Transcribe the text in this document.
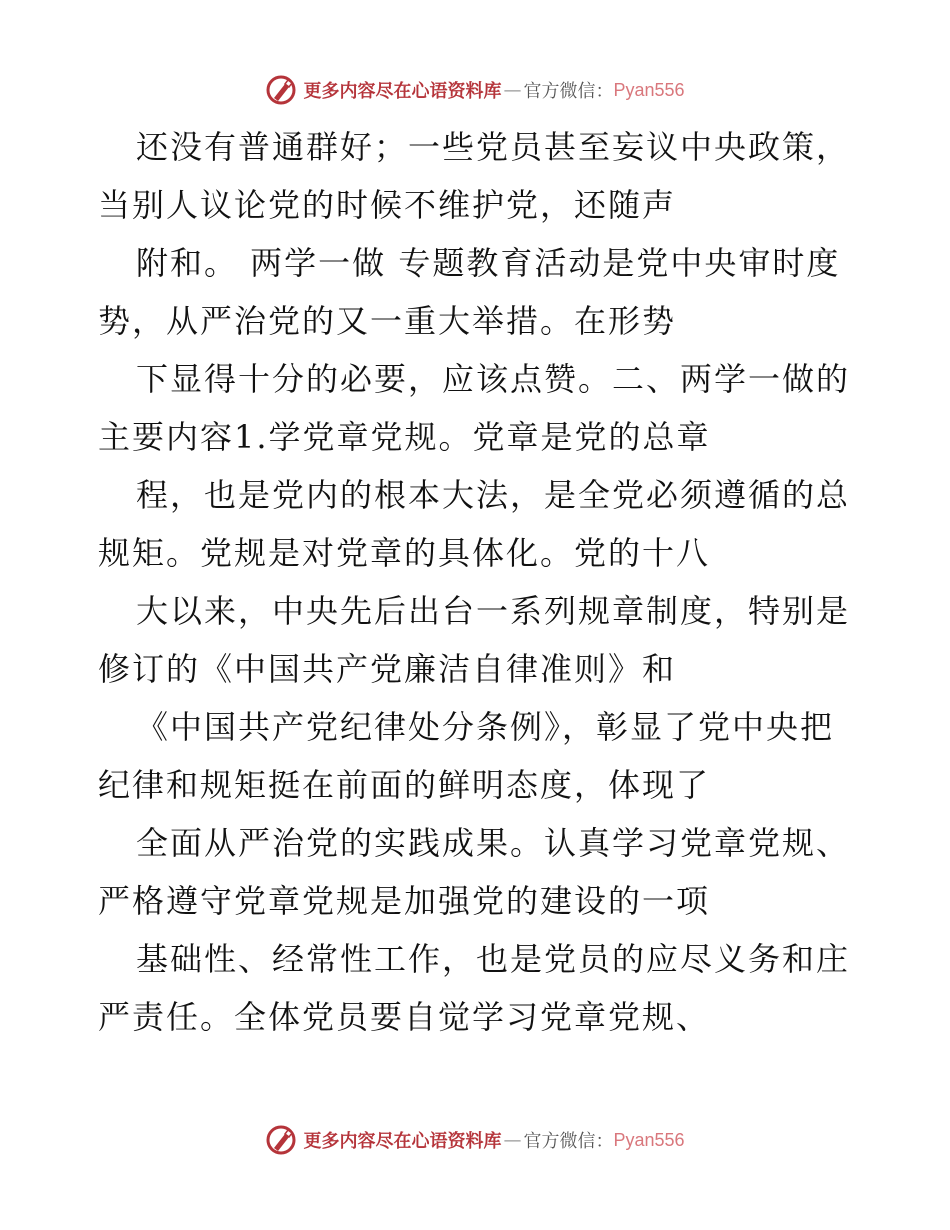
更多内容尽在心语资料库 — 官方微信： Pyan556
还没有普通群好；一些党员甚至妄议中央政策，
当别人议论党的时候不维护党，还随声
附和。 两学一做 专题教育活动是党中央审时度
势，从严治党的又一重大举措。在形势
下显得十分的必要，应该点赞。二、两学一做的
主要内容1.学党章党规。党章是党的总章
程，也是党内的根本大法，是全党必须遵循的总
规矩。党规是对党章的具体化。党的十八
大以来，中央先后出台一系列规章制度，特别是
修订的《中国共产党廉洁自律准则》和
《中国共产党纪律处分条例》，彰显了党中央把
纪律和规矩挺在前面的鲜明态度，体现了
全面从严治党的实践成果。认真学习党章党规、
严格遵守党章党规是加强党的建设的一项
基础性、经常性工作，也是党员的应尽义务和庄
严责任。全体党员要自觉学习党章党规、
更多内容尽在心语资料库 — 官方微信： Pyan556
